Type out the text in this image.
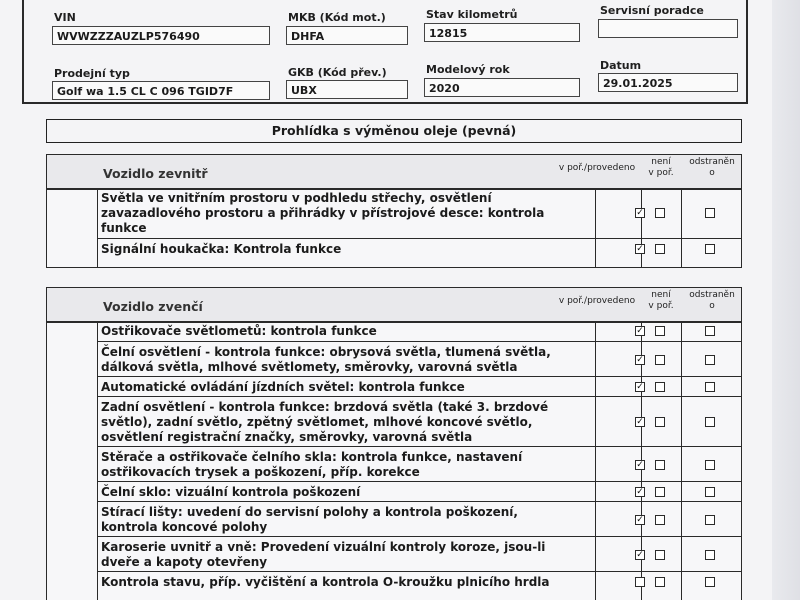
VIN
WVWZZZAUZLP576490
MKB (Kód mot.)
DHFA
Stav kilometrů
12815
Servisní poradce
Prodejní typ
Golf wa 1.5 CL C 096 TGID7F
GKB (Kód přev.)
UBX
Modelový rok
2020
Datum
29.01.2025
Prohlídka s výměnou oleje (pevná)
Vozidlo zevnitř	v poř./provedeno
není
v poř.
odstraněn
o
Světla ve vnitřním prostoru v podhledu střechy, osvětlení
zavazadlového prostoru a přihrádky v přístrojové desce: kontrola
funkce
✓
Signální houkačka: Kontrola funkce
✓
Vozidlo zvenčí	v poř./provedeno
není
v poř.
odstraněn
o
Ostřikovače světlometů: kontrola funkce
✓
Čelní osvětlení - kontrola funkce: obrysová světla, tlumená světla,
dálková světla, mlhové světlomety, směrovky, varovná světla
✓
Automatické ovládání jízdních světel: kontrola funkce
✓
Zadní osvětlení - kontrola funkce: brzdová světla (také 3. brzdové
světlo), zadní světlo, zpětný světlomet, mlhové koncové světlo,
osvětlení registrační značky, směrovky, varovná světla
✓
Stěrače a ostřikovače čelního skla: kontrola funkce, nastavení
ostřikovacích trysek a poškození, příp. korekce
✓
Čelní sklo: vizuální kontrola poškození
✓
Stírací lišty: uvedení do servisní polohy a kontrola poškození,
kontrola koncové polohy
✓
Karoserie uvnitř a vně: Provedení vizuální kontroly koroze, jsou-li
dveře a kapoty otevřeny
✓
Kontrola stavu, příp. vyčištění a kontrola O-kroužku plnicího hrdla
